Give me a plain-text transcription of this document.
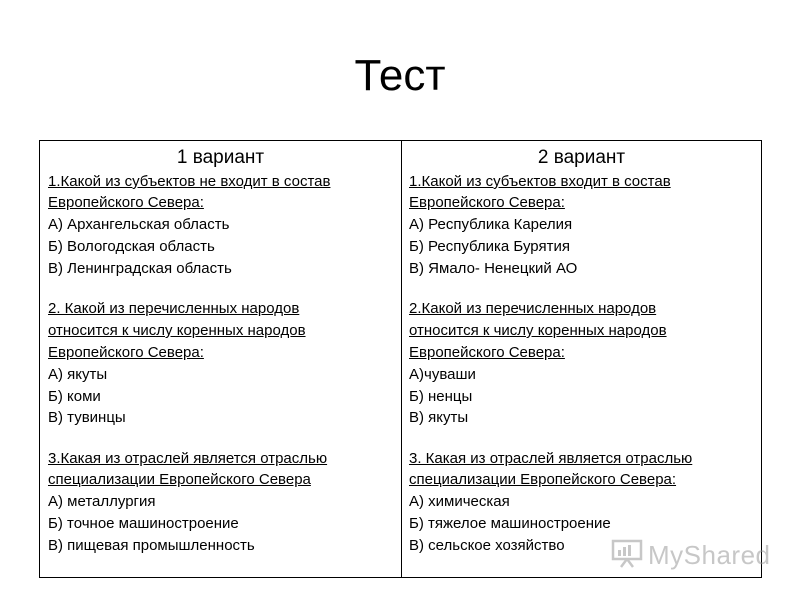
Тест
1 вариант
1.Какой из субъектов не входит в состав
Европейского Севера:
А) Архангельская область
Б) Вологодская область
В) Ленинградская область
2. Какой из перечисленных народов
относится к числу коренных народов
Европейского Севера:
А) якуты
Б) коми
В) тувинцы
3.Какая из отраслей является отраслью
специализации Европейского Севера
А) металлургия
Б) точное машиностроение
В) пищевая промышленность
2 вариант
1.Какой из субъектов входит в состав
Европейского Севера:
А) Республика Карелия
Б) Республика Бурятия
В) Ямало- Ненецкий АО
2.Какой из перечисленных народов
относится к числу коренных народов
Европейского Севера:
А)чуваши
Б) ненцы
В) якуты
3. Какая из отраслей является отраслью
специализации Европейского Севера:
А) химическая
Б) тяжелое машиностроение
В) сельское хозяйство	MyShared
